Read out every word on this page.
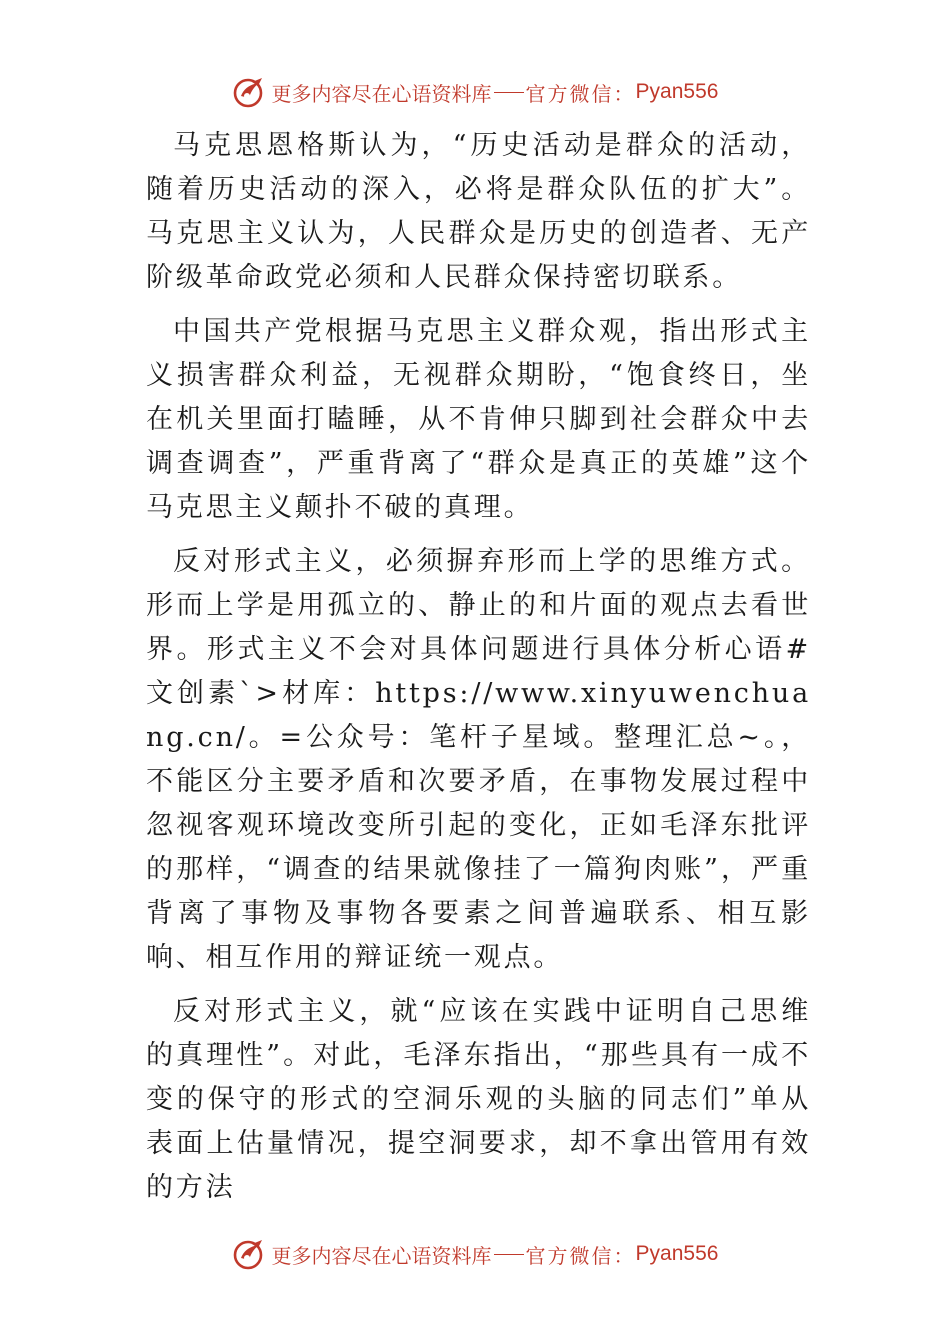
更多内容尽在心语资料库 官方微信： Pyan556

马克思恩格斯认为，“历史活动是群众的活动，随着历史活动的深入，必将是群众队伍的扩大”。马克思主义认为，人民群众是历史的创造者、无产阶级革命政党必须和人民群众保持密切联系。

中国共产党根据马克思主义群众观，指出形式主义损害群众利益，无视群众期盼，“饱食终日，坐在机关里面打瞌睡，从不肯伸只脚到社会群众中去调查调查”，严重背离了“群众是真正的英雄”这个马克思主义颠扑不破的真理。

反对形式主义，必须摒弃形而上学的思维方式。形而上学是用孤立的、静止的和片面的观点去看世界。形式主义不会对具体问题进行具体分析心语#文创素`>材库：https://www.xinyuwenchuang.cn/。=公众号：笔杆子星域。整理汇总~。，不能区分主要矛盾和次要矛盾，在事物发展过程中忽视客观环境改变所引起的变化，正如毛泽东批评的那样，“调查的结果就像挂了一篇狗肉账”，严重背离了事物及事物各要素之间普遍联系、相互影响、相互作用的辩证统一观点。

反对形式主义，就“应该在实践中证明自己思维的真理性”。对此，毛泽东指出，“那些具有一成不变的保守的形式的空洞乐观的头脑的同志们”单从表面上估量情况，提空洞要求，却不拿出管用有效的方法

更多内容尽在心语资料库 官方微信： Pyan556
